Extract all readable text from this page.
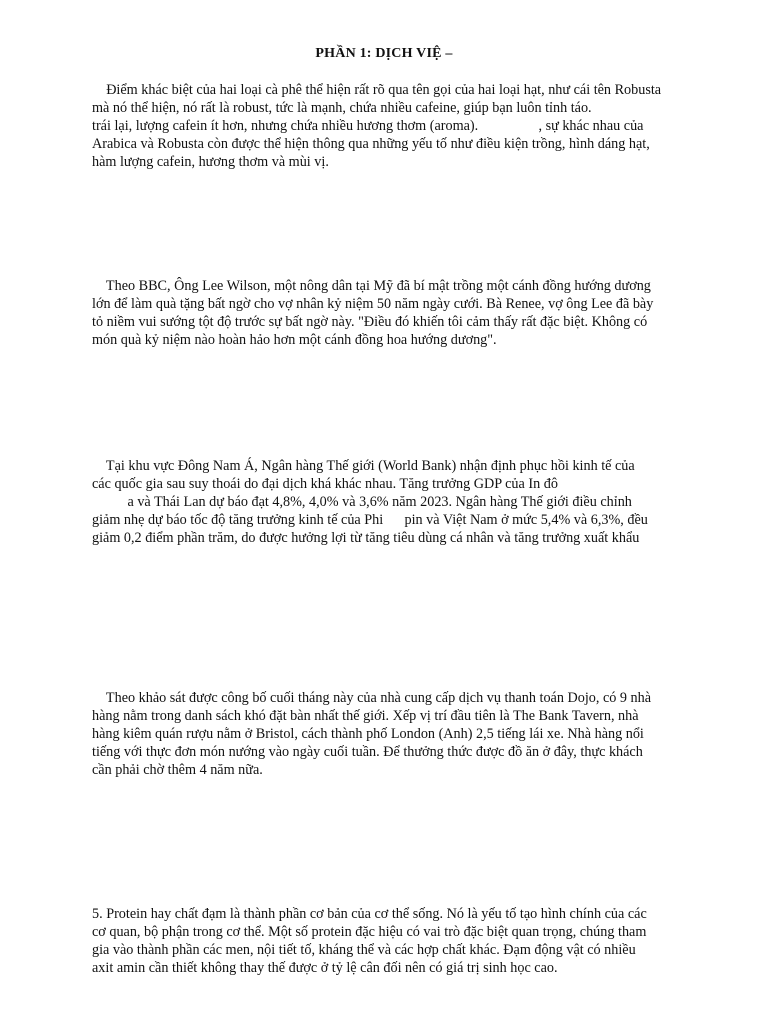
PHẦN 1: DỊCH VIỆ –
Điểm khác biệt của hai loại cà phê thể hiện rất rõ qua tên gọi của hai loại hạt, như cái tên Robusta
mà nó thể hiện, nó rất là robust, tức là mạnh, chứa nhiều cafeine, giúp bạn luôn tỉnh táo.
trái lại, lượng cafein ít hơn, nhưng chứa nhiều hương thơm (aroma).                 , sự khác nhau của
Arabica và Robusta còn được thể hiện thông qua những yếu tố như điều kiện trồng, hình dáng hạt,
hàm lượng cafein, hương thơm và mùi vị.
Theo BBC, Ông Lee Wilson, một nông dân tại Mỹ đã bí mật trồng một cánh đồng hướng dương
lớn để làm quà tặng bất ngờ cho vợ nhân kỷ niệm 50 năm ngày cưới. Bà Renee, vợ ông Lee đã bày
tỏ niềm vui sướng tột độ trước sự bất ngờ này. "Điều đó khiến tôi cảm thấy rất đặc biệt. Không có
món quà kỷ niệm nào hoàn hảo hơn một cánh đồng hoa hướng dương".
Tại khu vực Đông Nam Á, Ngân hàng Thế giới (World Bank) nhận định phục hồi kinh tế của
các quốc gia sau suy thoái do đại dịch khá khác nhau. Tăng trưởng GDP của In đô
a và Thái Lan dự báo đạt 4,8%, 4,0% và 3,6% năm 2023. Ngân hàng Thế giới điều chỉnh
giảm nhẹ dự báo tốc độ tăng trưởng kinh tế của Phi      pin và Việt Nam ở mức 5,4% và 6,3%, đều
giảm 0,2 điểm phần trăm, do được hưởng lợi từ tăng tiêu dùng cá nhân và tăng trưởng xuất khẩu
Theo khảo sát được công bố cuối tháng này của nhà cung cấp dịch vụ thanh toán Dojo, có 9 nhà
hàng nằm trong danh sách khó đặt bàn nhất thế giới. Xếp vị trí đầu tiên là The Bank Tavern, nhà
hàng kiêm quán rượu nằm ở Bristol, cách thành phố London (Anh) 2,5 tiếng lái xe. Nhà hàng nổi
tiếng với thực đơn món nướng vào ngày cuối tuần. Để thưởng thức được đồ ăn ở đây, thực khách
cần phải chờ thêm 4 năm nữa.
5. Protein hay chất đạm là thành phần cơ bản của cơ thể sống. Nó là yếu tố tạo hình chính của các
cơ quan, bộ phận trong cơ thể. Một số protein đặc hiệu có vai trò đặc biệt quan trọng, chúng tham
gia vào thành phần các men, nội tiết tố, kháng thể và các hợp chất khác. Đạm động vật có nhiều
axit amin cần thiết không thay thế được ở tỷ lệ cân đối nên có giá trị sinh học cao.
